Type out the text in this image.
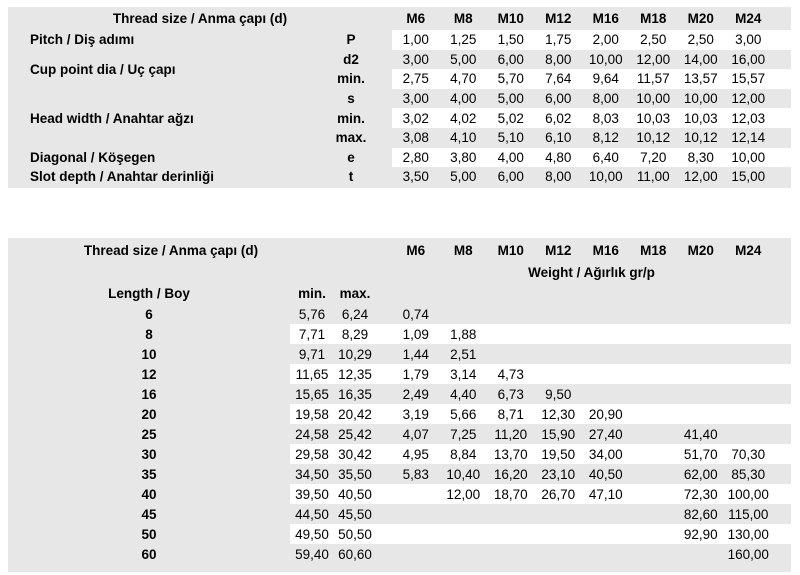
Thread size / Anma çapı (d)			M6	M8	M10	M12	M16	M18	M20	M24	
Pitch / Diş adımı	P		1,00	1,25	1,50	1,75	2,00	2,50	2,50	3,00	
Cup point dia / Uç çapı	d2		3,00	5,00	6,00	8,00	10,00	12,00	14,00	16,00	
	min.		2,75	4,70	5,70	7,64	9,64	11,57	13,57	15,57	
Head width / Anahtar ağzı	s		3,00	4,00	5,00	6,00	8,00	10,00	10,00	12,00	
	min.		3,02	4,02	5,02	6,02	8,03	10,03	10,03	12,03	
	max.		3,08	4,10	5,10	6,10	8,12	10,12	10,12	12,14	
Diagonal / Köşegen	e		2,80	3,80	4,00	4,80	6,40	7,20	8,30	10,00	
Slot depth / Anahtar derinliği	t		3,50	5,00	6,00	8,00	10,00	11,00	12,00	15,00	
Thread size / Anma çapı (d)				M6	M8	M10	M12	M16	M18	M20	M24	
				Weight / Ağırlık gr/p								
Length / Boy	min.	max.										
6	5,76	6,24		0,74								
8	7,71	8,29		1,09	1,88							
10	9,71	10,29		1,44	2,51							
12	11,65	12,35		1,79	3,14	4,73						
16	15,65	16,35		2,49	4,40	6,73	9,50					
20	19,58	20,42		3,19	5,66	8,71	12,30	20,90				
25	24,58	25,42		4,07	7,25	11,20	15,90	27,40		41,40		
30	29,58	30,42		4,95	8,84	13,70	19,50	34,00		51,70	70,30	
35	34,50	35,50		5,83	10,40	16,20	23,10	40,50		62,00	85,30	
40	39,50	40,50			12,00	18,70	26,70	47,10		72,30	100,00	
45	44,50	45,50								82,60	115,00	
50	49,50	50,50								92,90	130,00	
60	59,40	60,60									160,00	
